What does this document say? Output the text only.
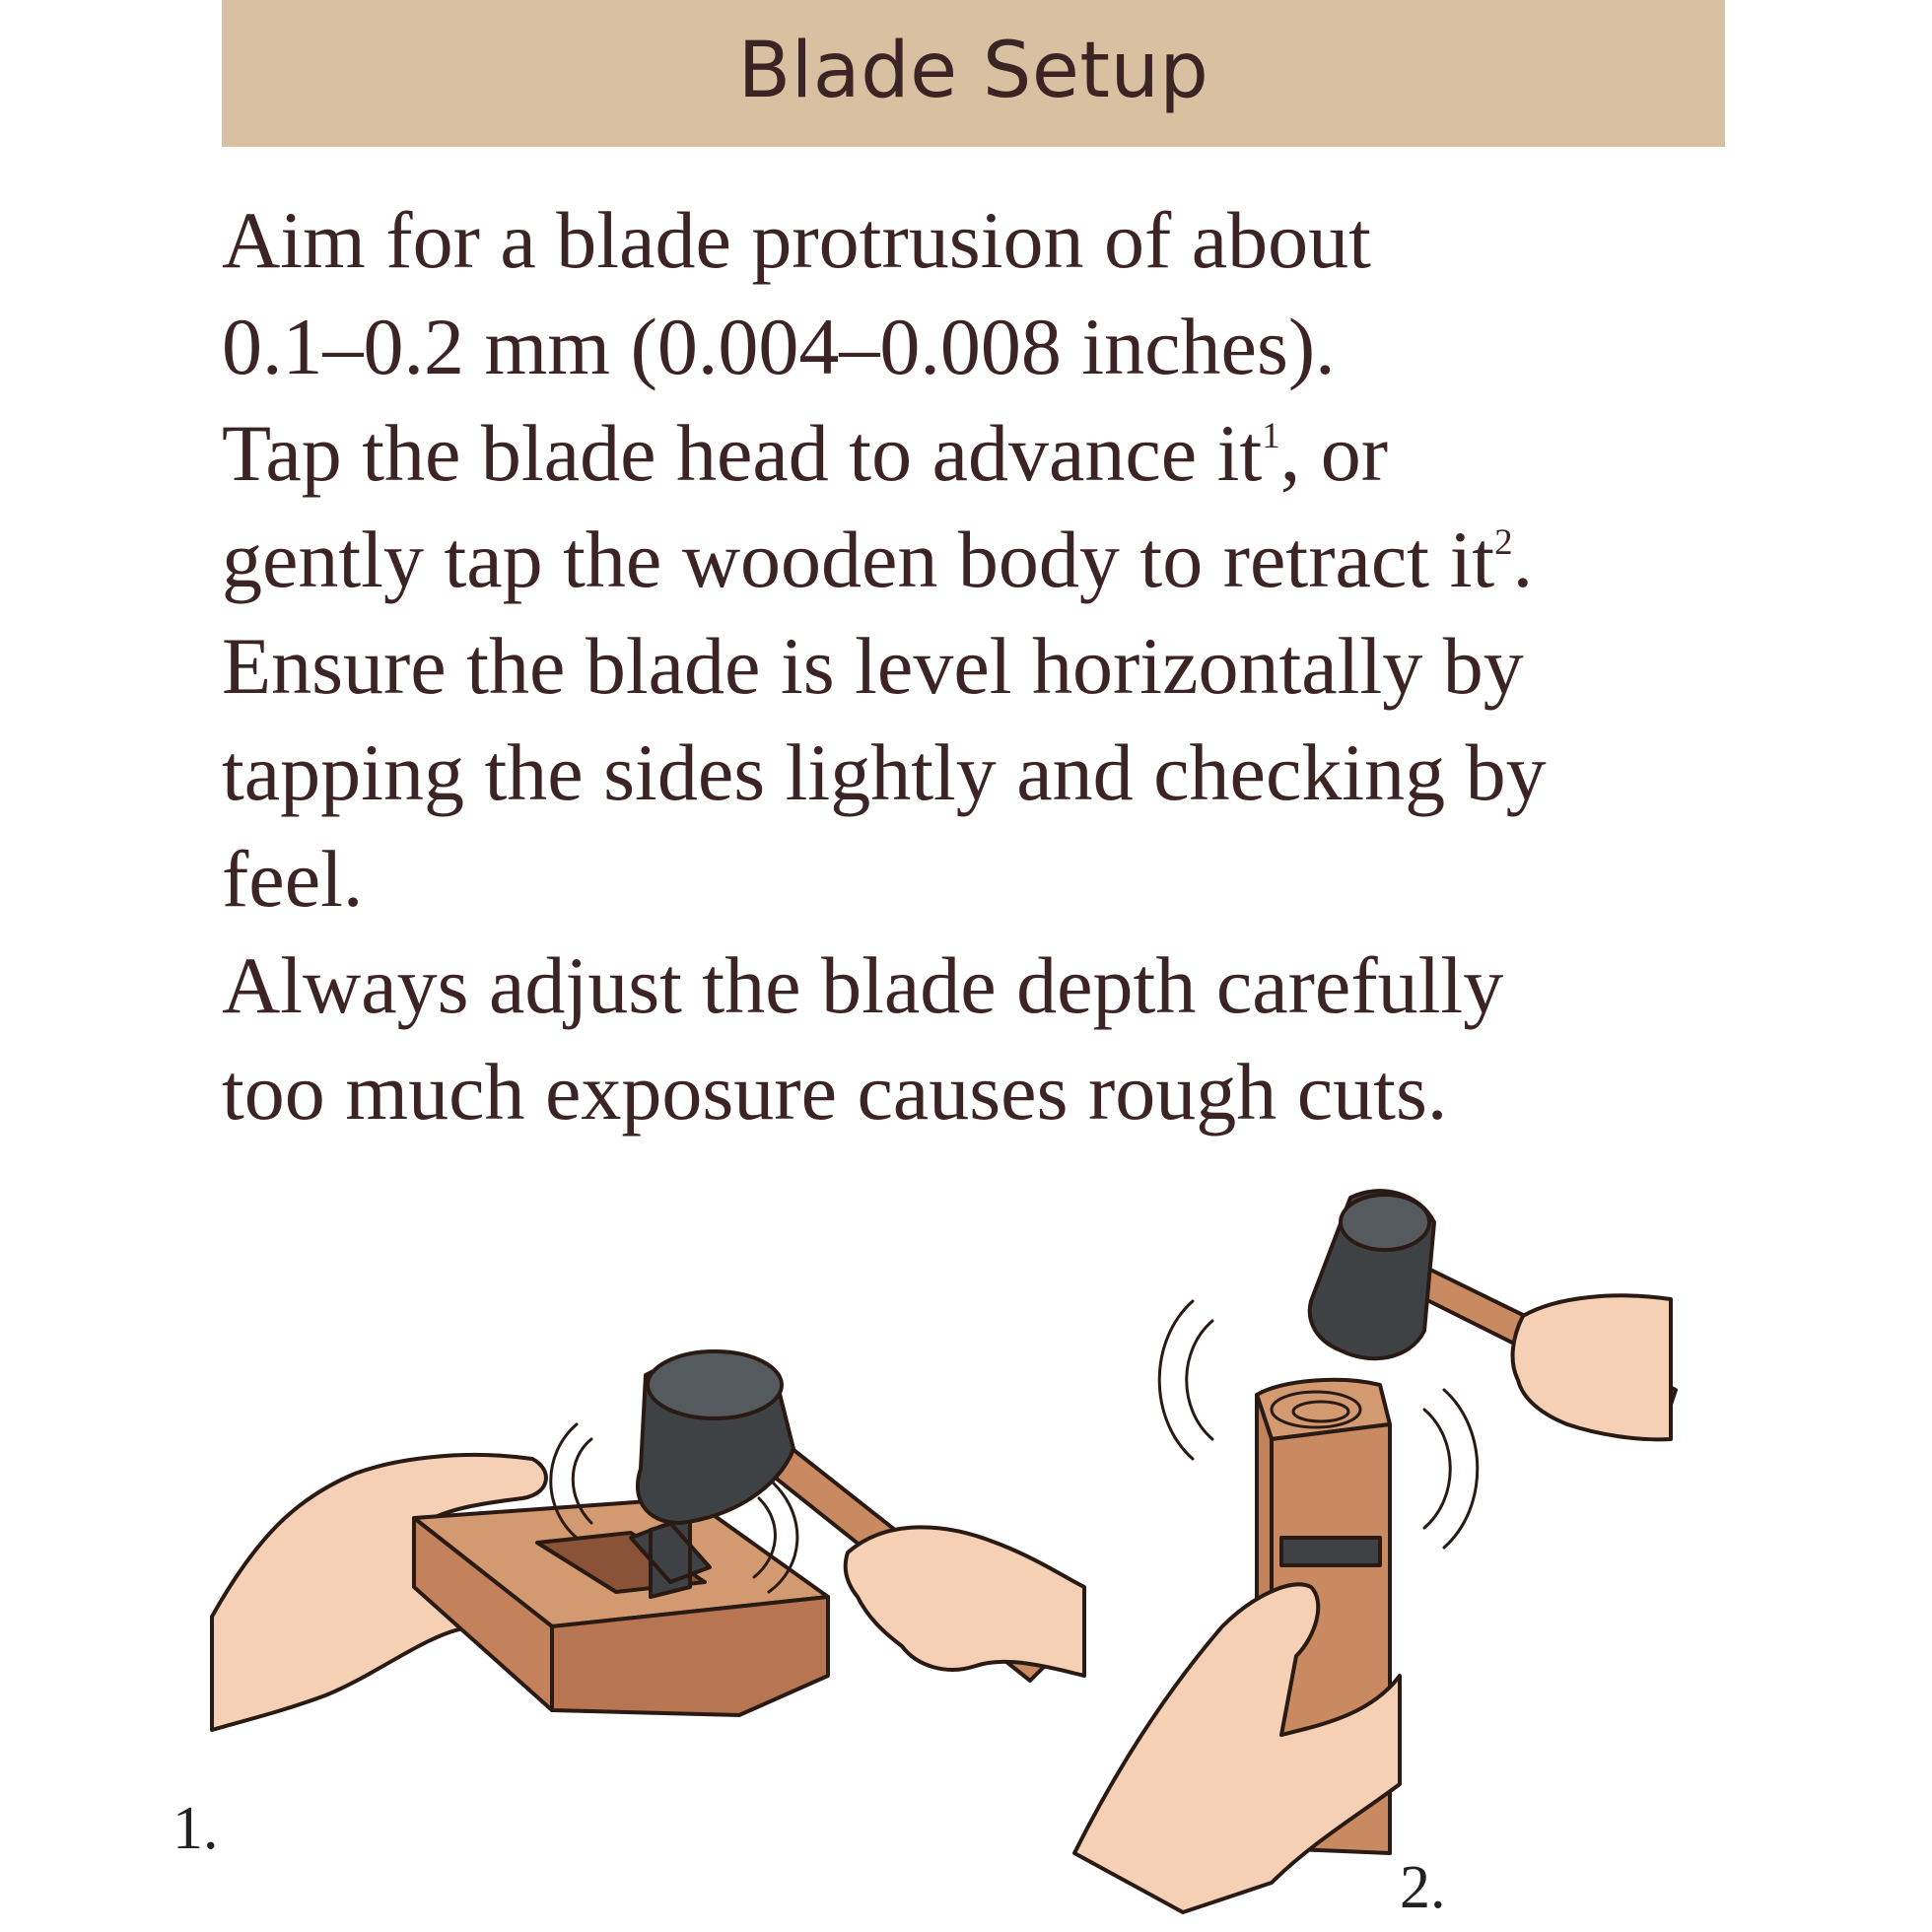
Blade Setup
Aim for a blade protrusion of about
0.1–0.2 mm (0.004–0.008 inches).
Tap the blade head to advance $it^1$, or
gently tap the wooden body to retract $it^2$.
Ensure the blade is level horizontally by
tapping the sides lightly and checking by
feel.
Always adjust the blade depth carefully
too much exposure causes rough cuts.
1.
2.
